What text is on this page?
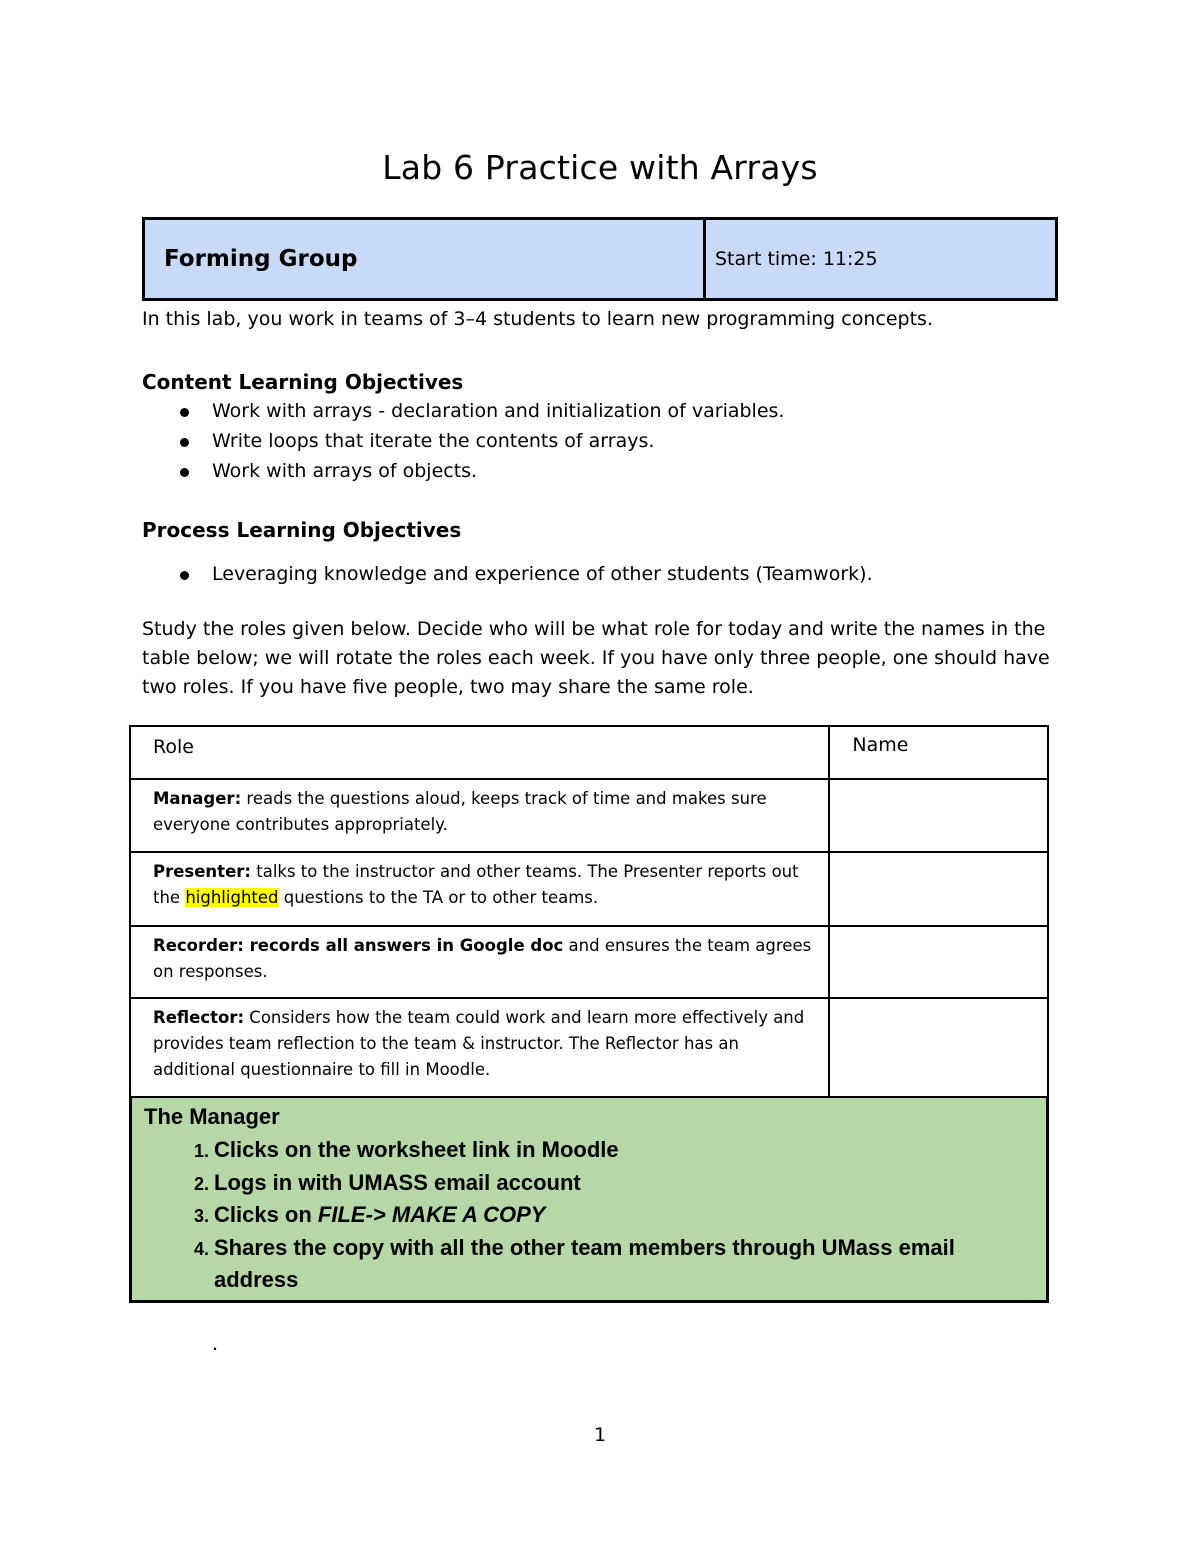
Lab 6 Practice with Arrays
Forming Group	Start time: 11:25
In this lab, you work in teams of 3–4 students to learn new programming concepts.
Content Learning Objectives
Work with arrays - declaration and initialization of variables.
Write loops that iterate the contents of arrays.
Work with arrays of objects.
Process Learning Objectives
Leveraging knowledge and experience of other students (Teamwork).
Study the roles given below. Decide who will be what role for today and write the names in the table below; we will rotate the roles each week. If you have only three people, one should have two roles. If you have five people, two may share the same role.
Role	Name
Manager: reads the questions aloud, keeps track of time and makes sure everyone contributes appropriately.	
Presenter: talks to the instructor and other teams. The Presenter reports out the highlighted questions to the TA or to other teams.	
Recorder: records all answers in Google doc and ensures the team agrees on responses.	
Reflector: Considers how the team could work and learn more effectively and provides team reflection to the team & instructor. The Reflector has an additional questionnaire to fill in Moodle.	
The Manager
1. Clicks on the worksheet link in Moodle
2. Logs in with UMASS email account
3. Clicks on FILE-> MAKE A COPY
4. Shares the copy with all the other team members through UMass email address
.
1
